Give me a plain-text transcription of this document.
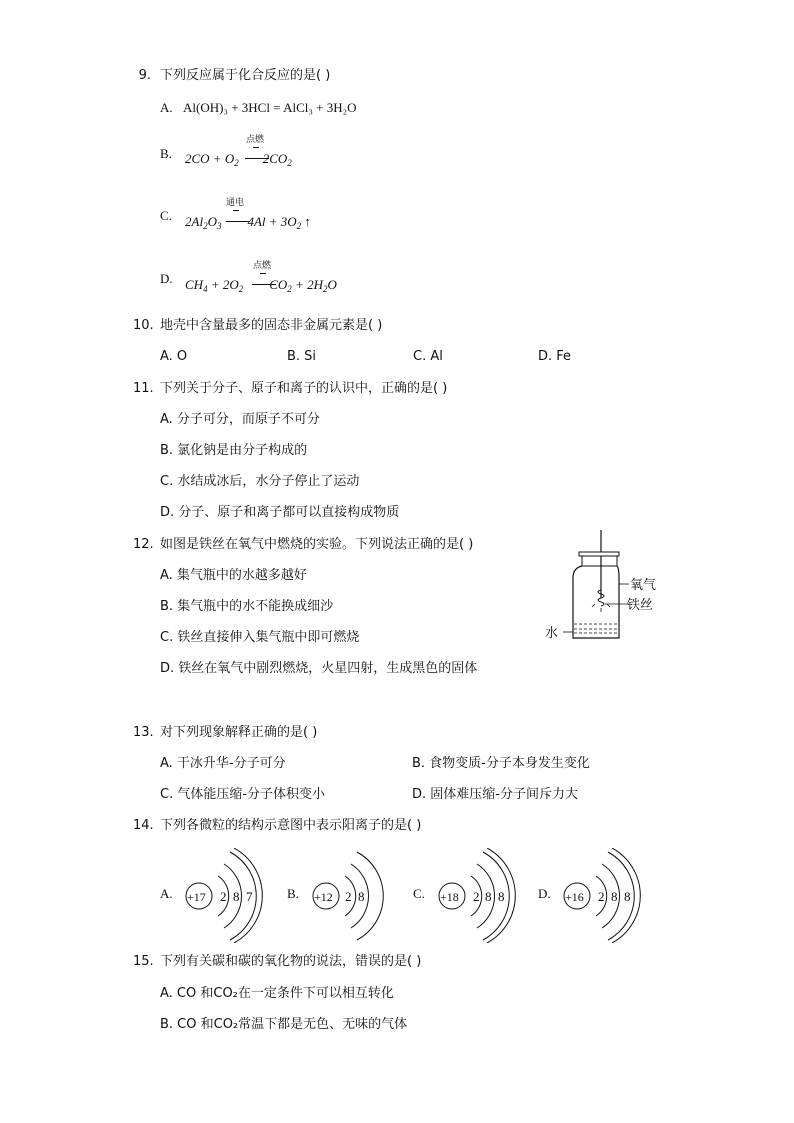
9. 下列反应属于化合反应的是( )
A. Al(OH)₃ + 3HCl = AlCl₃ + 3H₂O
B.
点燃
$2CO + O_2$ $2CO_2$
C.
通电
$2Al_2O_3$ $4Al + 3O_2$ ↑
D.
点燃
$CH_4 + 2O_2$ $CO_2 + 2H_2O$
10. 地壳中含量最多的固态非金属元素是( )
A. O	B. Si	C. Al	D. Fe
11. 下列关于分子、原子和离子的认识中，正确的是( )
A. 分子可分，而原子不可分
B. 氯化钠是由分子构成的
C. 水结成冰后，水分子停止了运动
D. 分子、原子和离子都可以直接构成物质
12. 如图是铁丝在氧气中燃烧的实验。下列说法正确的是( )
A. 集气瓶中的水越多越好
B. 集气瓶中的水不能换成细沙
C. 铁丝直接伸入集气瓶中即可燃烧
D. 铁丝在氧气中剧烈燃烧，火星四射，生成黑色的固体
氧气
铁丝
水
13. 对下列现象解释正确的是( )
A. 干冰升华-分子可分	B. 食物变质-分子本身发生变化
C. 气体能压缩-分子体积变小	D. 固体难压缩-分子间斥力大
14. 下列各微粒的结构示意图中表示阳离子的是( )
A. +17 2 8 7	B. +12 2 8	C. +18 2 8 8	D. +16 2 8 8
15. 下列有关碳和碳的氧化物的说法，错误的是( )
A. CO 和CO₂在一定条件下可以相互转化
B. CO 和CO₂常温下都是无色、无味的气体
